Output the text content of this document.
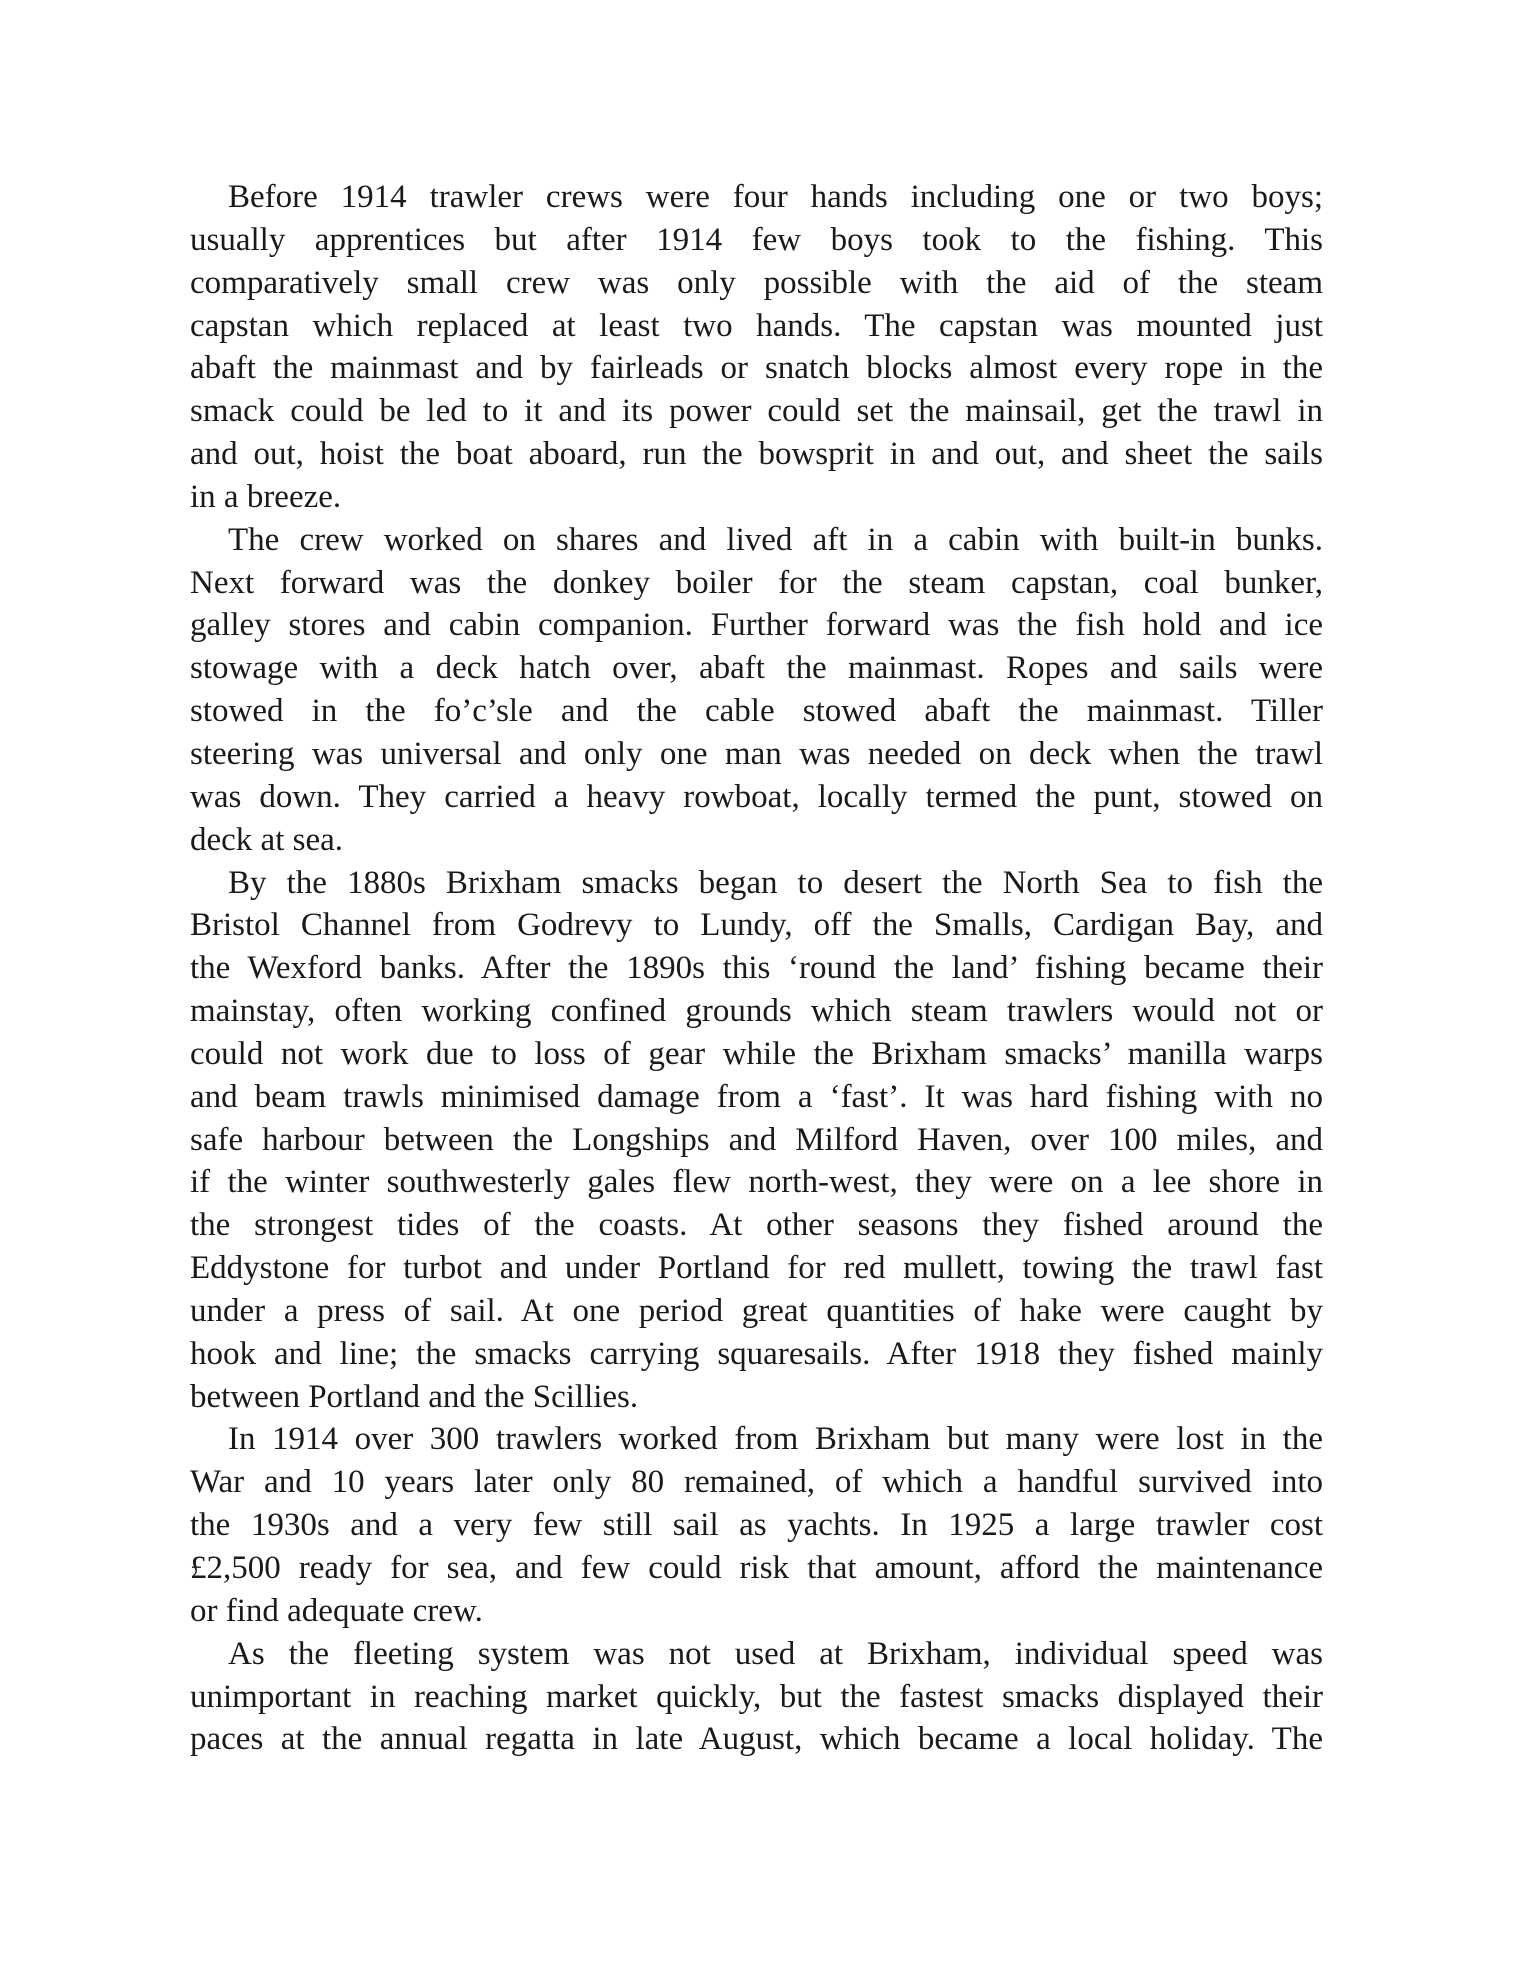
Before 1914 trawler crews were four hands including one or two boys;
usually apprentices but after 1914 few boys took to the fishing. This
comparatively small crew was only possible with the aid of the steam
capstan which replaced at least two hands. The capstan was mounted just
abaft the mainmast and by fairleads or snatch blocks almost every rope in the
smack could be led to it and its power could set the mainsail, get the trawl in
and out, hoist the boat aboard, run the bowsprit in and out, and sheet the sails
in a breeze.
The crew worked on shares and lived aft in a cabin with built-in bunks.
Next forward was the donkey boiler for the steam capstan, coal bunker,
galley stores and cabin companion. Further forward was the fish hold and ice
stowage with a deck hatch over, abaft the mainmast. Ropes and sails were
stowed in the fo’c’sle and the cable stowed abaft the mainmast. Tiller
steering was universal and only one man was needed on deck when the trawl
was down. They carried a heavy rowboat, locally termed the punt, stowed on
deck at sea.
By the 1880s Brixham smacks began to desert the North Sea to fish the
Bristol Channel from Godrevy to Lundy, off the Smalls, Cardigan Bay, and
the Wexford banks. After the 1890s this ‘round the land’ fishing became their
mainstay, often working confined grounds which steam trawlers would not or
could not work due to loss of gear while the Brixham smacks’ manilla warps
and beam trawls minimised damage from a ‘fast’. It was hard fishing with no
safe harbour between the Longships and Milford Haven, over 100 miles, and
if the winter southwesterly gales flew north-west, they were on a lee shore in
the strongest tides of the coasts. At other seasons they fished around the
Eddystone for turbot and under Portland for red mullett, towing the trawl fast
under a press of sail. At one period great quantities of hake were caught by
hook and line; the smacks carrying squaresails. After 1918 they fished mainly
between Portland and the Scillies.
In 1914 over 300 trawlers worked from Brixham but many were lost in the
War and 10 years later only 80 remained, of which a handful survived into
the 1930s and a very few still sail as yachts. In 1925 a large trawler cost
£2,500 ready for sea, and few could risk that amount, afford the maintenance
or find adequate crew.
As the fleeting system was not used at Brixham, individual speed was
unimportant in reaching market quickly, but the fastest smacks displayed their
paces at the annual regatta in late August, which became a local holiday. The
